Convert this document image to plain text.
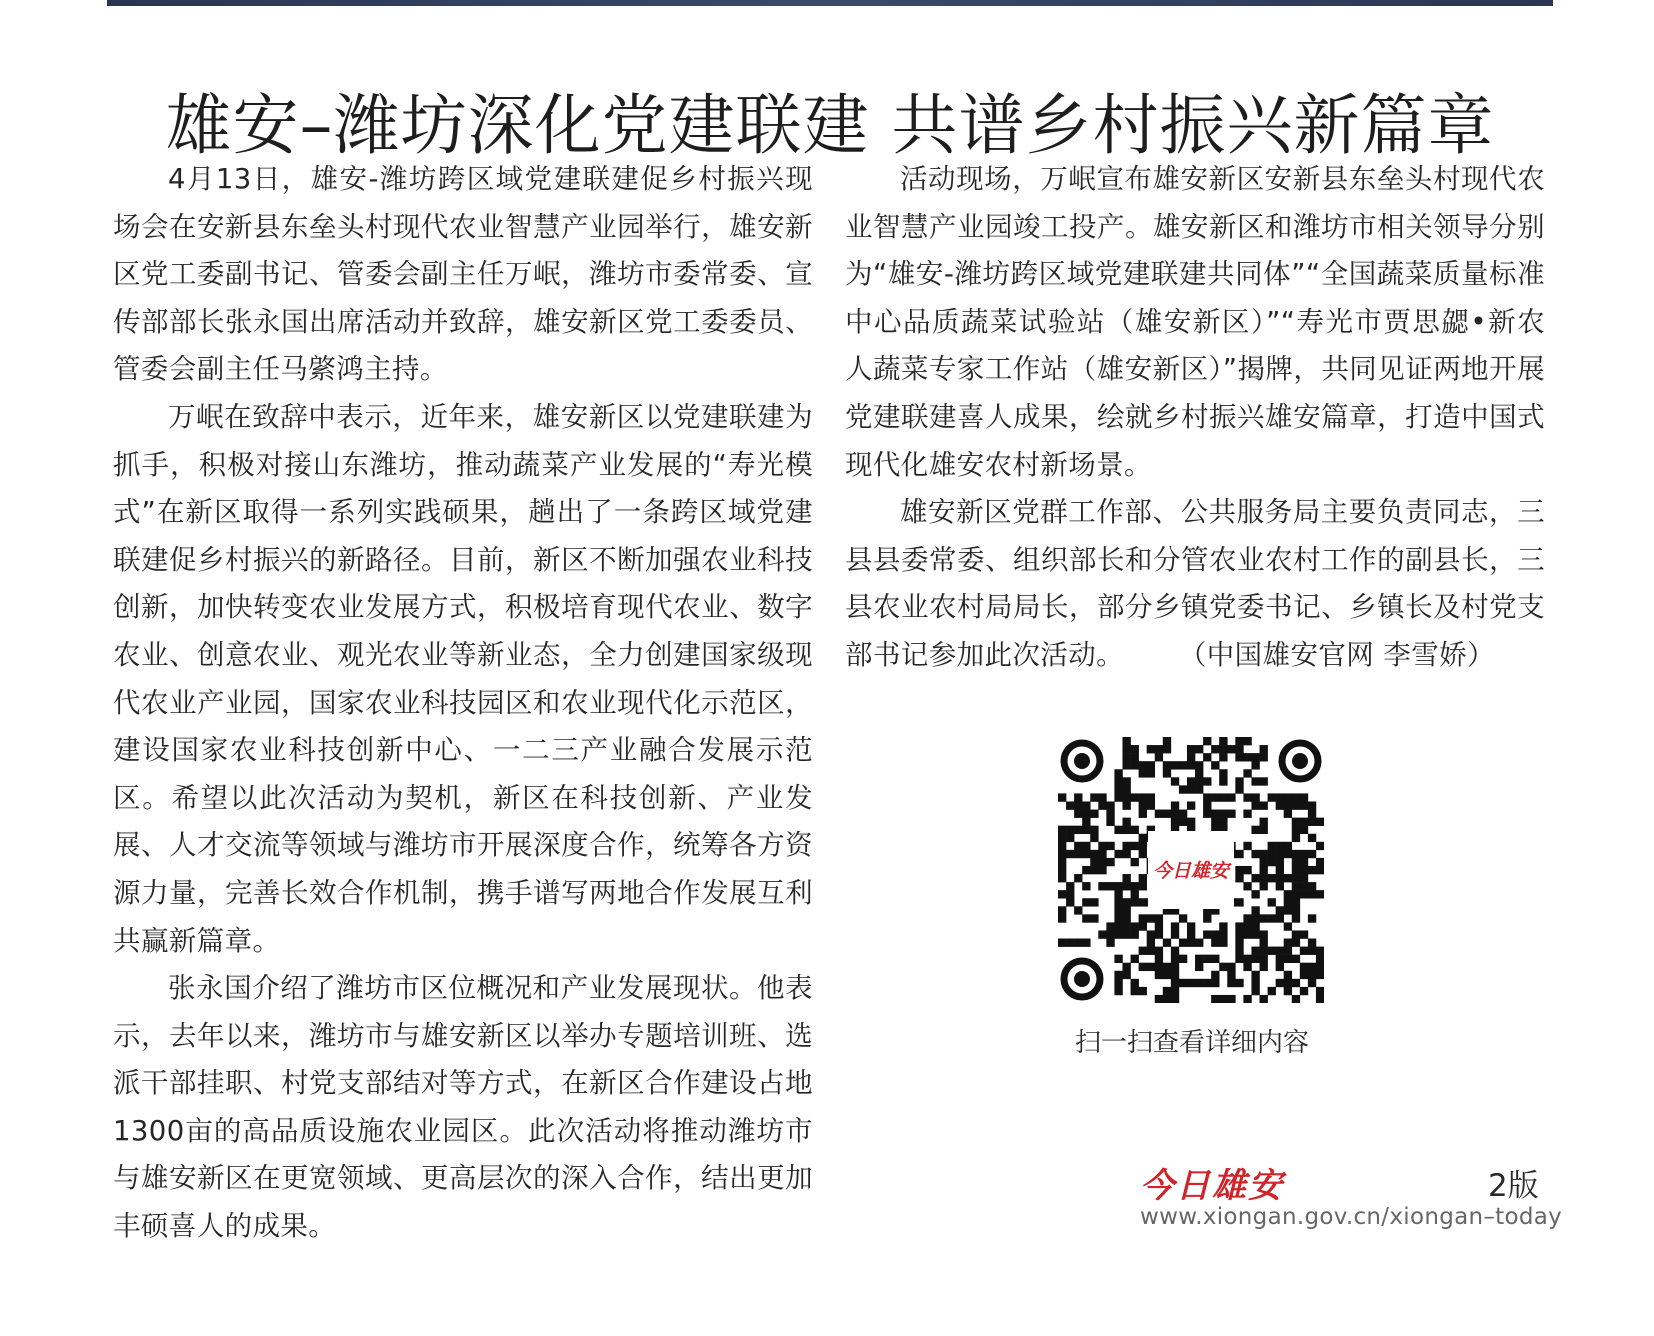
雄安–潍坊深化党建联建 共谱乡村振兴新篇章

4月13日，雄安-潍坊跨区域党建联建促乡村振兴现场会在安新县东垒头村现代农业智慧产业园举行，雄安新区党工委副书记、管委会副主任万岷，潍坊市委常委、宣传部部长张永国出席活动并致辞，雄安新区党工委委员、管委会副主任马綮鸿主持。

万岷在致辞中表示，近年来，雄安新区以党建联建为抓手，积极对接山东潍坊，推动蔬菜产业发展的“寿光模式”在新区取得一系列实践硕果，趟出了一条跨区域党建联建促乡村振兴的新路径。目前，新区不断加强农业科技创新，加快转变农业发展方式，积极培育现代农业、数字农业、创意农业、观光农业等新业态，全力创建国家级现代农业产业园，国家农业科技园区和农业现代化示范区，建设国家农业科技创新中心、一二三产业融合发展示范区。希望以此次活动为契机，新区在科技创新、产业发展、人才交流等领域与潍坊市开展深度合作，统筹各方资源力量，完善长效合作机制，携手谱写两地合作发展互利共赢新篇章。

张永国介绍了潍坊市区位概况和产业发展现状。他表示，去年以来，潍坊市与雄安新区以举办专题培训班、选派干部挂职、村党支部结对等方式，在新区合作建设占地1300亩的高品质设施农业园区。此次活动将推动潍坊市与雄安新区在更宽领域、更高层次的深入合作，结出更加丰硕喜人的成果。

活动现场，万岷宣布雄安新区安新县东垒头村现代农业智慧产业园竣工投产。雄安新区和潍坊市相关领导分别为“雄安-潍坊跨区域党建联建共同体”“全国蔬菜质量标准中心品质蔬菜试验站（雄安新区）”“寿光市贾思勰•新农人蔬菜专家工作站（雄安新区）”揭牌，共同见证两地开展党建联建喜人成果，绘就乡村振兴雄安篇章，打造中国式现代化雄安农村新场景。

雄安新区党群工作部、公共服务局主要负责同志，三县县委常委、组织部长和分管农业农村工作的副县长，三县农业农村局局长，部分乡镇党委书记、乡镇长及村党支部书记参加此次活动。 （中国雄安官网 李雪娇）

今日雄安
扫一扫查看详细内容
今日雄安	2版
www.xiongan.gov.cn/xiongan–today
